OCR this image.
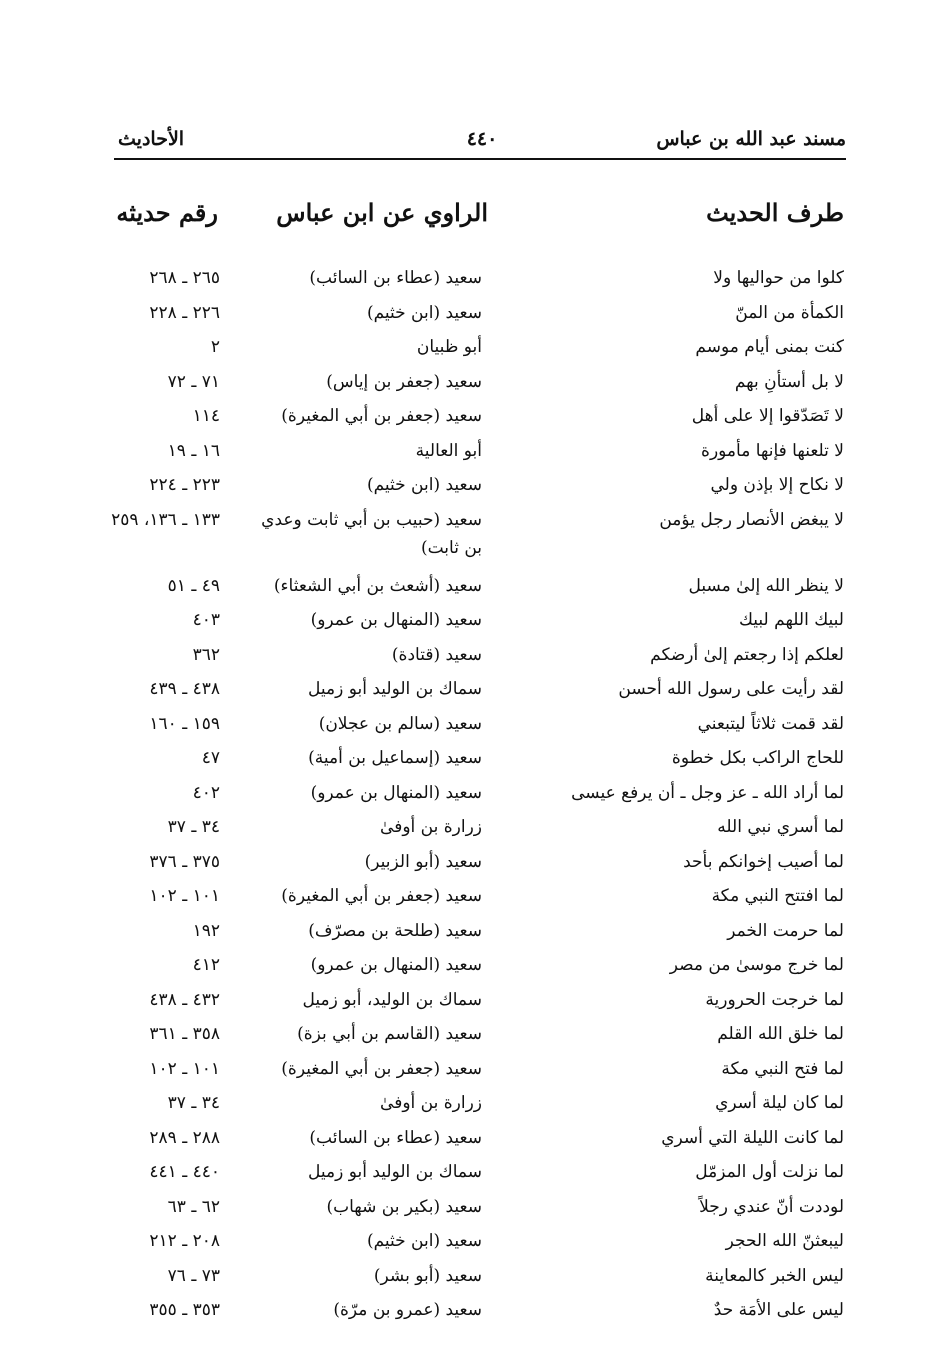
مسند عبد الله بن عباس
٤٤٠
الأحاديث
طرف الحديث
الراوي عن ابن عباس
رقم حديثه
كلوا من حواليها ولا
سعيد (عطاء بن السائب)
٢٦٥ ـ ٢٦٨
الكمأة من المنّ
سعيد (ابن خثيم)
٢٢٦ ـ ٢٢٨
كنت بمنى أيام موسم
أبو ظبيان
٢
لا بل أستأنِ بهم
سعيد (جعفر بن إياس)
٧١ ـ ٧٢
لا تَصَدّقوا إلا على أهل
سعيد (جعفر بن أبي المغيرة)
١١٤
لا تلعنها فإنها مأمورة
أبو العالية
١٦ ـ ١٩
لا نكاح إلا بإذن ولي
سعيد (ابن خثيم)
٢٢٣ ـ ٢٢٤
لا يبغض الأنصار رجل يؤمن
سعيد (حبيب بن أبي ثابت وعدي بن ثابت)
١٣٣ ـ ١٣٦، ٢٥٩
لا ينظر الله إلىٰ مسبل
سعيد (أشعث بن أبي الشعثاء)
٤٩ ـ ٥١
لبيك اللهم لبيك
سعيد (المنهال بن عمرو)
٤٠٣
لعلكم إذا رجعتم إلىٰ أرضكم
سعيد (قتادة)
٣٦٢
لقد رأيت على رسول الله أحسن
سماك بن الوليد أبو زميل
٤٣٨ ـ ٤٣٩
لقد قمت ثلاثاً ليتبعني
سعيد (سالم بن عجلان)
١٥٩ ـ ١٦٠
للحاج الراكب بكل خطوة
سعيد (إسماعيل بن أمية)
٤٧
لما أراد الله ـ عز وجل ـ أن يرفع عيسى
سعيد (المنهال بن عمرو)
٤٠٢
لما أسري نبي الله
زرارة بن أوفىٰ
٣٤ ـ ٣٧
لما أصيب إخوانكم بأحد
سعيد (أبو الزبير)
٣٧٥ ـ ٣٧٦
لما افتتح النبي مكة
سعيد (جعفر بن أبي المغيرة)
١٠١ ـ ١٠٢
لما حرمت الخمر
سعيد (طلحة بن مصرّف)
١٩٢
لما خرج موسىٰ من مصر
سعيد (المنهال بن عمرو)
٤١٢
لما خرجت الحرورية
سماك بن الوليد، أبو زميل
٤٣٢ ـ ٤٣٨
لما خلق الله القلم
سعيد (القاسم بن أبي بزة)
٣٥٨ ـ ٣٦١
لما فتح النبي مكة
سعيد (جعفر بن أبي المغيرة)
١٠١ ـ ١٠٢
لما كان ليلة أسري
زرارة بن أوفىٰ
٣٤ ـ ٣٧
لما كانت الليلة التي أسري
سعيد (عطاء بن السائب)
٢٨٨ ـ ٢٨٩
لما نزلت أول المزمّل
سماك بن الوليد أبو زميل
٤٤٠ ـ ٤٤١
لوددت أنّ عندي رجلاً
سعيد (بكير بن شهاب)
٦٢ ـ ٦٣
ليبعثنّ الله الحجر
سعيد (ابن خثيم)
٢٠٨ ـ ٢١٢
ليس الخبر كالمعاينة
سعيد (أبو بشر)
٧٣ ـ ٧٦
ليس على الأمَة حدٌ
سعيد (عمرو بن مرّة)
٣٥٣ ـ ٣٥٥
